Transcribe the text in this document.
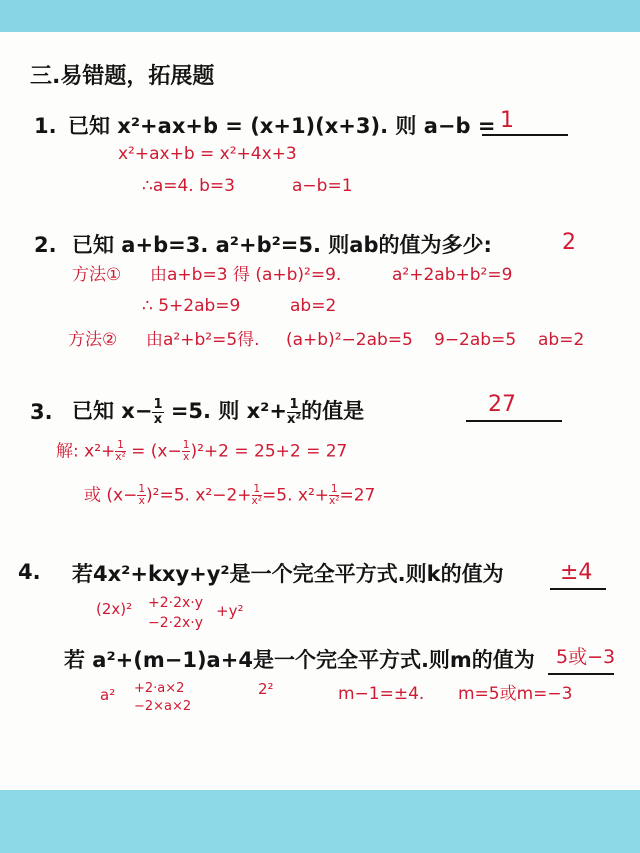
三.易错题，拓展题
1. 已知 x²+ax+b = (x+1)(x+3). 则 a−b = 1
x²+ax+b = x²+4x+3
∴a=4. b=3	a−b=1
2. 已知 a+b=3. a²+b²=5. 则ab的值为多少:	2
方法① 由a+b=3 得 (a+b)²=9.	a²+2ab+b²=9
∴ 5+2ab=9	ab=2
方法② 由a²+b²=5得. (a+b)²−2ab=5 9−2ab=5 ab=2
3. 已知 $x- \frac{1}{x} =5$. 则 $x^2+ \frac{1}{\text{x²}}$ 的值是	27
解: $x^2+ \frac{1}{\text{x²}} = (x- \frac{1}{x} )^2+2 = 25+2 = 27$
或 $(x- \frac{1}{x} )^2=5$. $x^2-2+ \frac{1}{\text{x²}} =5$. $x^2+ \frac{1}{\text{x²}} =27$
4. 若4x²+kxy+y²是一个完全平方式.则k的值为	±4
(2x)² +2·2x·y
−2·2x·y
+y²
若 a²+(m−1)a+4是一个完全平方式.则m的值为 5或−3
a² +2·a×2
−2×a×2
2²	m−1=±4. m=5或m=−3
